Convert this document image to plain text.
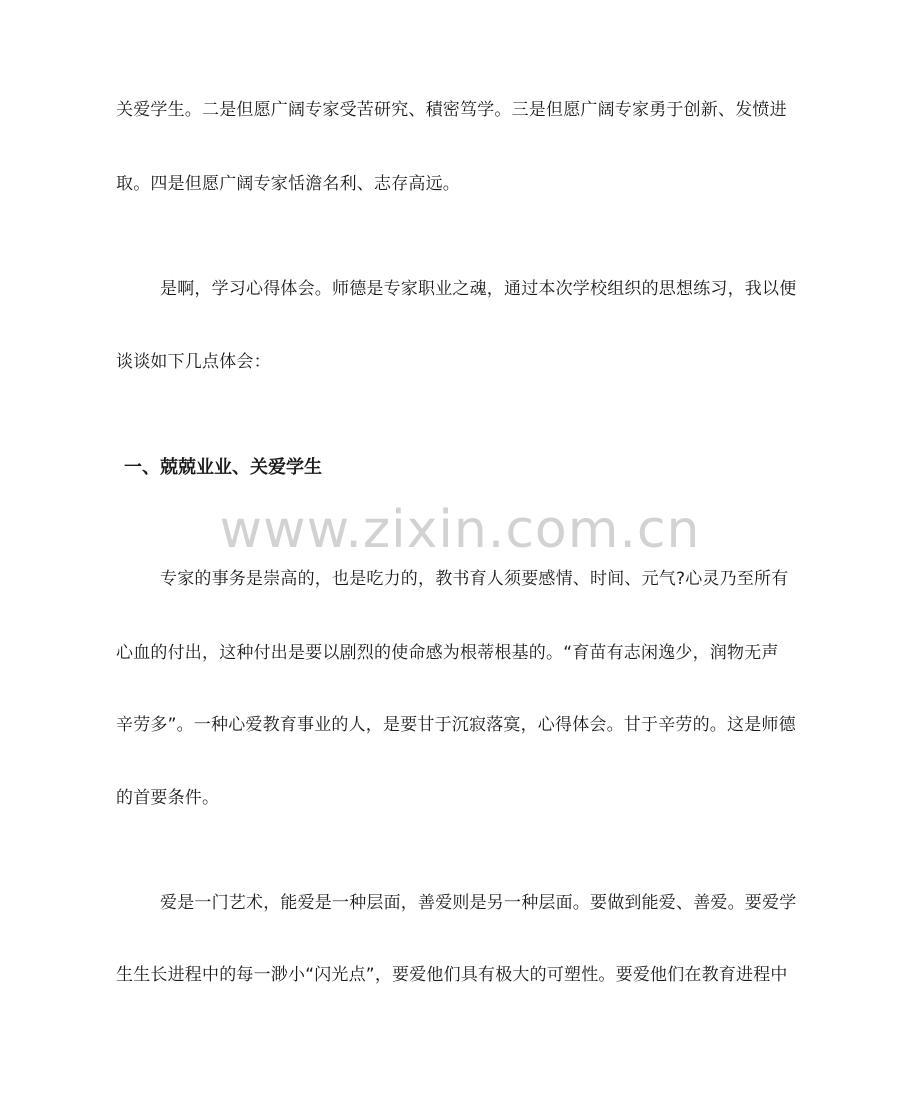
关爱学生。二是但愿广阔专家受苦研究、積密笃学。三是但愿广阔专家勇于创新、发愤进
取。四是但愿广阔专家恬澹名利、志存高远。
是啊，学习心得体会。师德是专家职业之魂，通过本次学校组织的思想练习，我以便
谈谈如下几点体会：
一、兢兢业业、关爱学生
www.zixin.com.cn
专家的事务是崇高的，也是吃力的，教书育人须要感情、时间、元气?心灵乃至所有
心血的付出，这种付出是要以剧烈的使命感为根蒂根基的。“育苗有志闲逸少，润物无声
辛劳多”。一种心爱教育事业的人，是要甘于沉寂落寞，心得体会。甘于辛劳的。这是师德
的首要条件。
爱是一门艺术，能爱是一种层面，善爱则是另一种层面。要做到能爱、善爱。要爱学
生生长进程中的每一渺小“闪光点”，要爱他们具有极大的可塑性。要爱他们在教育进程中
